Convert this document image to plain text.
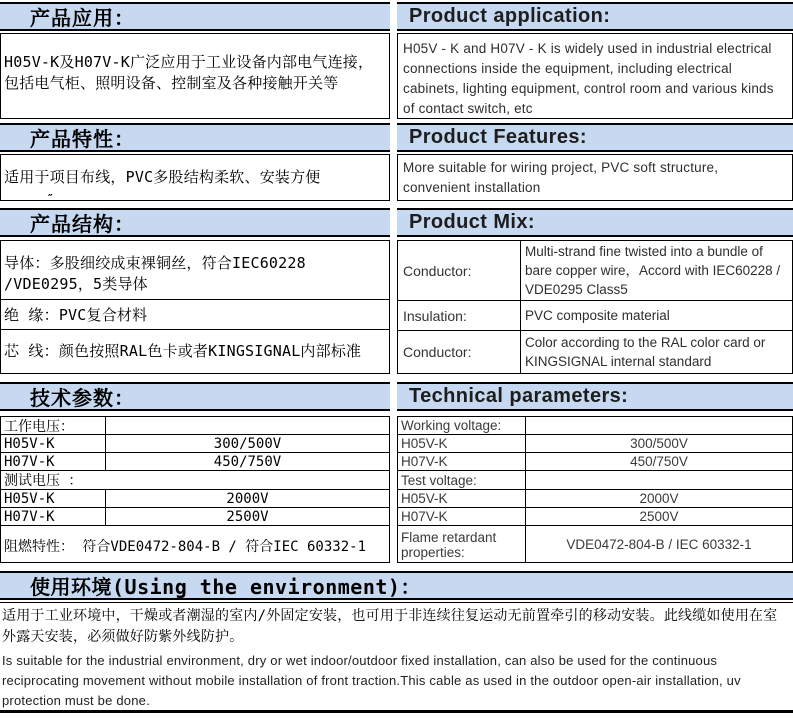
产品应用：	Product application:
H05V-K及H07V-K广泛应用于工业设备内部电气连接，包括电气柜、照明设备、控制室及各种接触开关等
H05V - K and H07V - K is widely used in industrial electrical connections inside the equipment, including electrical cabinets, lighting equipment, control room and various kinds of contact switch, etc
产品特性：	Product Features:
适用于项目布线，PVC多股结构柔软、安装方便
More suitable for wiring project, PVC soft structure, convenient installation
″
产品结构：	Product Mix:
导体：多股细绞成束裸铜丝，符合IEC60228 /VDE0295，5类导体
绝 缘：PVC复合材料
芯 线：颜色按照RAL色卡或者KINGSIGNAL内部标准
Conductor:
Multi-strand fine twisted into a bundle of bare copper wire，Accord with IEC60228 / VDE0295 Class5
Insulation:	PVC composite material
Conductor:
Color according to the RAL color card or KINGSIGNAL internal standard
技术参数：	Technical parameters:
工作电压：
H05V-K	300/500V
H07V-K	450/750V
测试电压 ：
H05V-K	2000V
H07V-K	2500V
阻燃特性： 符合VDE0472-804-B / 符合IEC 60332-1
Working voltage:
H05V-K	300/500V
H07V-K	450/750V
Test voltage:
H05V-K	2000V
H07V-K	2500V
Flame retardant properties:	VDE0472-804-B / IEC 60332-1
使用环境(Using the environment)：
适用于工业环境中，干燥或者潮湿的室内/外固定安装，也可用于非连续往复运动无前置牵引的移动安装。此线缆如使用在室外露天安装，必须做好防紫外线防护。
Is suitable for the industrial environment, dry or wet indoor/outdoor fixed installation, can also be used for the continuous reciprocating movement without mobile installation of front traction.This cable as used in the outdoor open-air installation, uv protection must be done.
